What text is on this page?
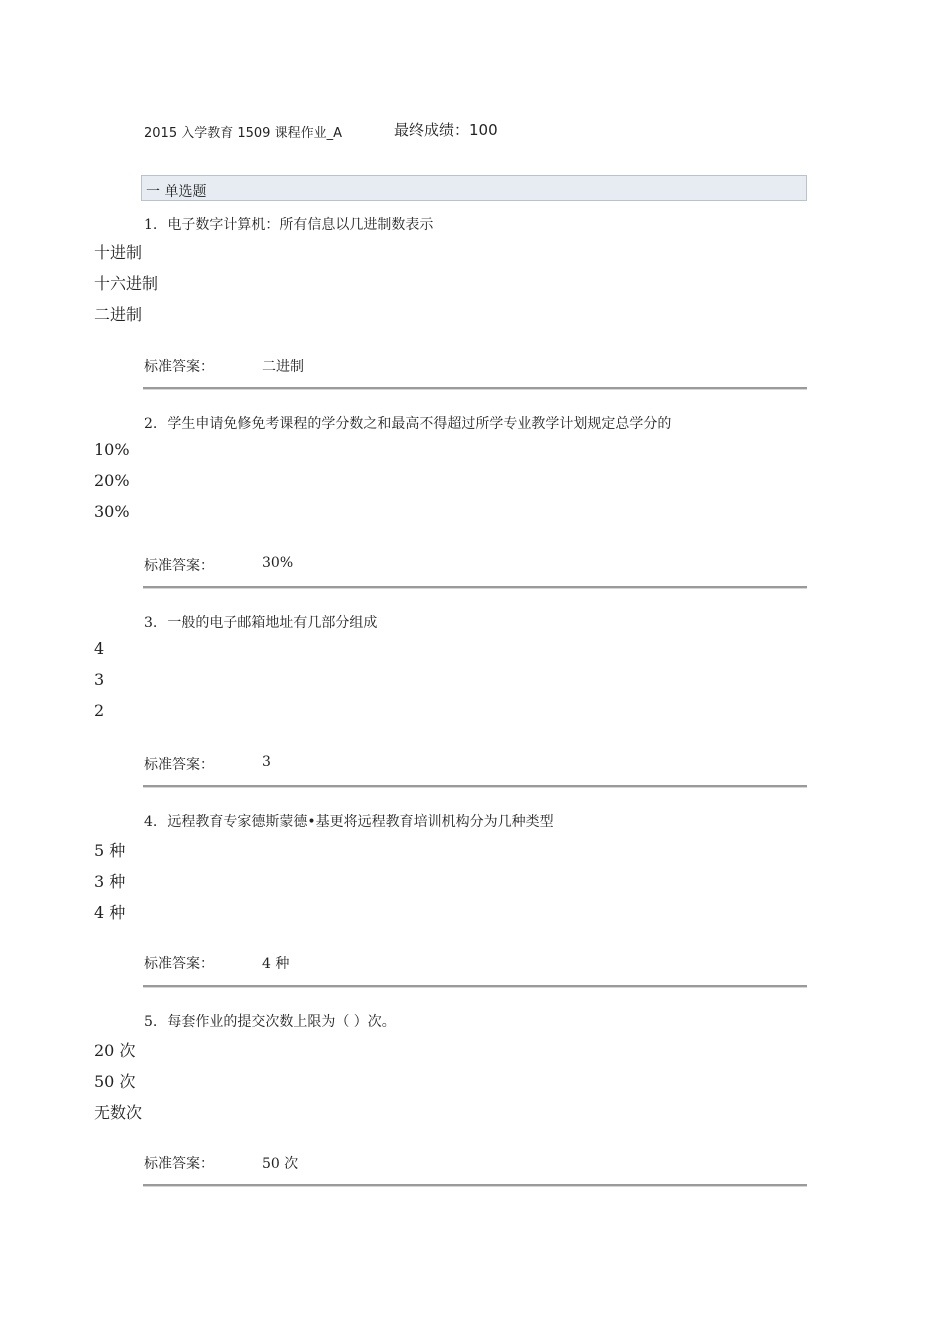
2015 入学教育 1509 课程作业_A	最终成绩：100
一 单选题
1. 电子数字计算机：所有信息以几进制数表示
十进制
十六进制
二进制
标准答案：	二进制
2. 学生申请免修免考课程的学分数之和最高不得超过所学专业教学计划规定总学分的
10%
20%
30%
标准答案：	30%
3. 一般的电子邮箱地址有几部分组成
4
3
2
标准答案：	3
4. 远程教育专家德斯蒙德•基更将远程教育培训机构分为几种类型
5 种
3 种
4 种
标准答案：	4 种
5. 每套作业的提交次数上限为（ ）次。
20 次
50 次
无数次
标准答案：	50 次
